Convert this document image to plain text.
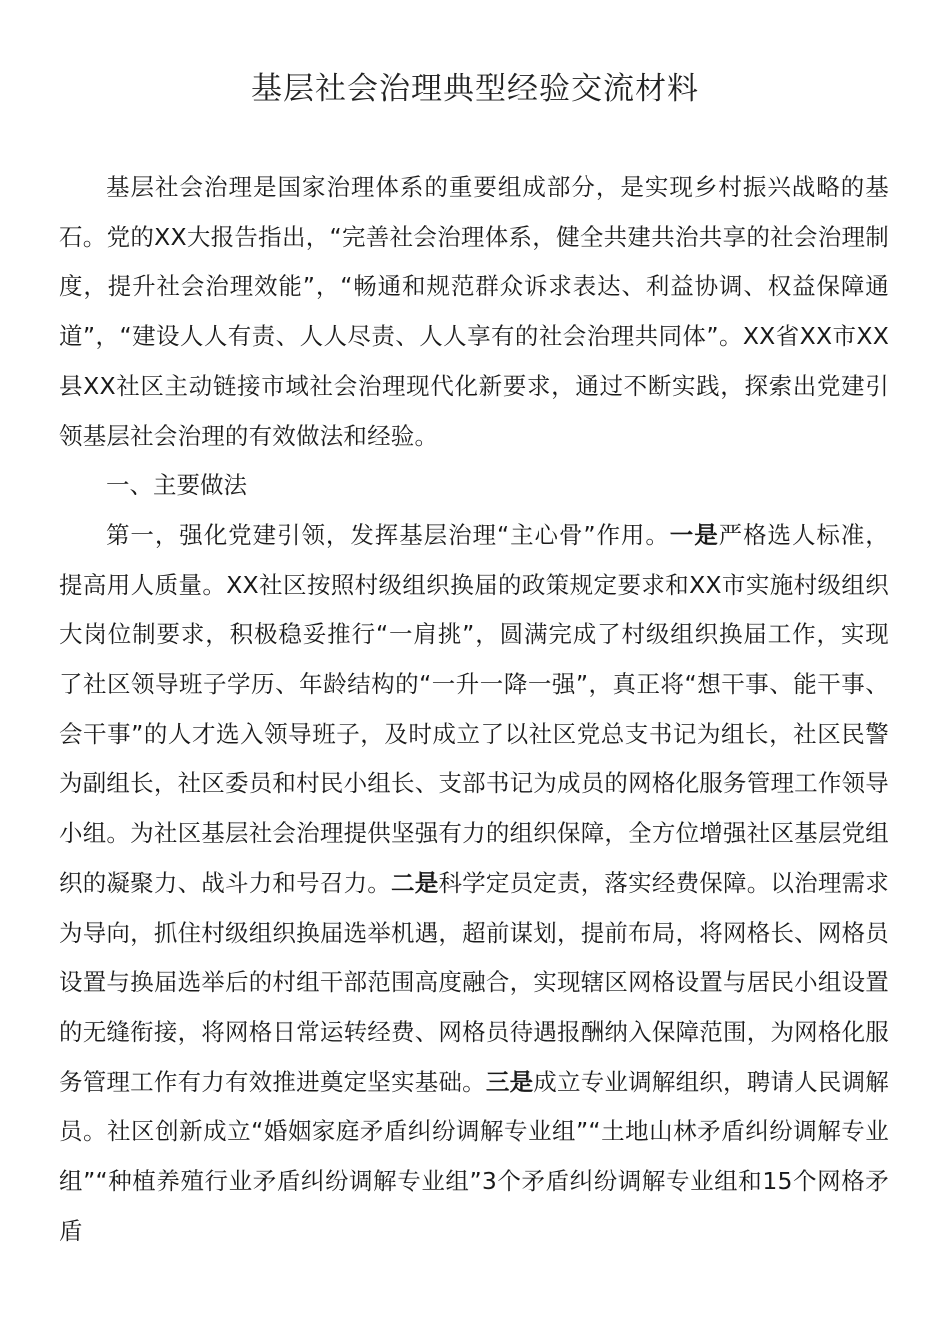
基层社会治理典型经验交流材料

基层社会治理是国家治理体系的重要组成部分，是实现乡村振兴战略的基石。党的XX大报告指出，“完善社会治理体系，健全共建共治共享的社会治理制度，提升社会治理效能”，“畅通和规范群众诉求表达、利益协调、权益保障通道”，“建设人人有责、人人尽责、人人享有的社会治理共同体”。XX省XX市XX县XX社区主动链接市域社会治理现代化新要求，通过不断实践，探索出党建引领基层社会治理的有效做法和经验。

一、主要做法

第一，强化党建引领，发挥基层治理“主心骨”作用。一是严格选人标准，提高用人质量。XX社区按照村级组织换届的政策规定要求和XX市实施村级组织大岗位制要求，积极稳妥推行“一肩挑”，圆满完成了村级组织换届工作，实现了社区领导班子学历、年龄结构的“一升一降一强”，真正将“想干事、能干事、会干事”的人才选入领导班子，及时成立了以社区党总支书记为组长，社区民警为副组长，社区委员和村民小组长、支部书记为成员的网格化服务管理工作领导小组。为社区基层社会治理提供坚强有力的组织保障，全方位增强社区基层党组织的凝聚力、战斗力和号召力。二是科学定员定责，落实经费保障。以治理需求为导向，抓住村级组织换届选举机遇，超前谋划，提前布局，将网格长、网格员设置与换届选举后的村组干部范围高度融合，实现辖区网格设置与居民小组设置的无缝衔接，将网格日常运转经费、网格员待遇报酬纳入保障范围，为网格化服务管理工作有力有效推进奠定坚实基础。三是成立专业调解组织，聘请人民调解员。社区创新成立“婚姻家庭矛盾纠纷调解专业组”“土地山林矛盾纠纷调解专业组”“种植养殖行业矛盾纠纷调解专业组”3个矛盾纠纷调解专业组和15个网格矛盾
